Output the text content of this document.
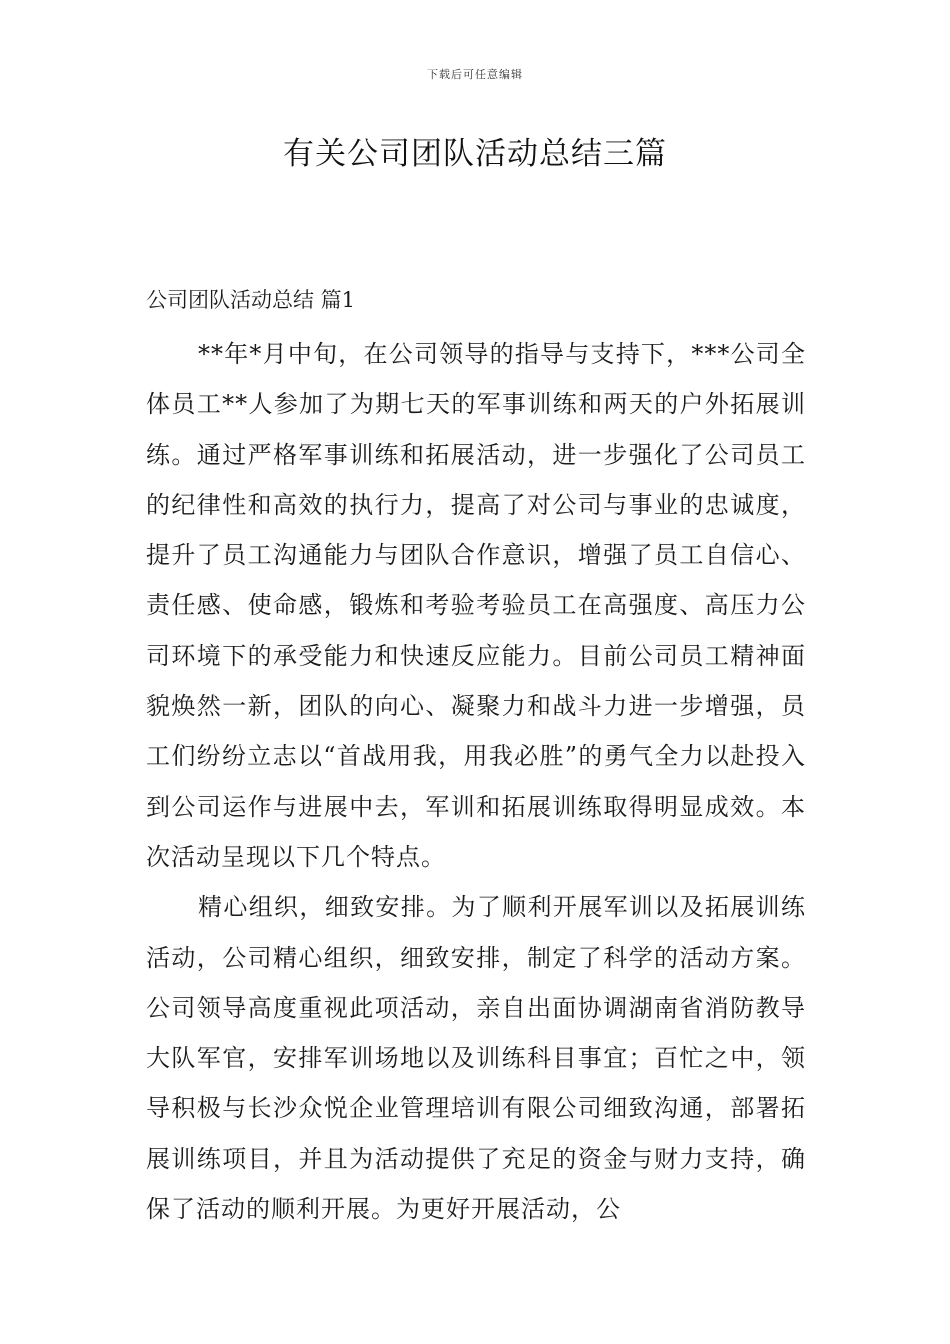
下载后可任意编辑
有关公司团队活动总结三篇
公司团队活动总结 篇1

**年*月中旬，在公司领导的指导与支持下，***公司全体员工**人参加了为期七天的军事训练和两天的户外拓展训练。通过严格军事训练和拓展活动，进一步强化了公司员工的纪律性和高效的执行力，提高了对公司与事业的忠诚度，提升了员工沟通能力与团队合作意识，增强了员工自信心、责任感、使命感，锻炼和考验考验员工在高强度、高压力公司环境下的承受能力和快速反应能力。目前公司员工精神面貌焕然一新，团队的向心、凝聚力和战斗力进一步增强，员工们纷纷立志以“首战用我，用我必胜”的勇气全力以赴投入到公司运作与进展中去，军训和拓展训练取得明显成效。本次活动呈现以下几个特点。

精心组织，细致安排。为了顺利开展军训以及拓展训练活动，公司精心组织，细致安排，制定了科学的活动方案。公司领导高度重视此项活动，亲自出面协调湖南省消防教导大队军官，安排军训场地以及训练科目事宜；百忙之中，领导积极与长沙众悦企业管理培训有限公司细致沟通，部署拓展训练项目，并且为活动提供了充足的资金与财力支持，确保了活动的顺利开展。为更好开展活动，公
